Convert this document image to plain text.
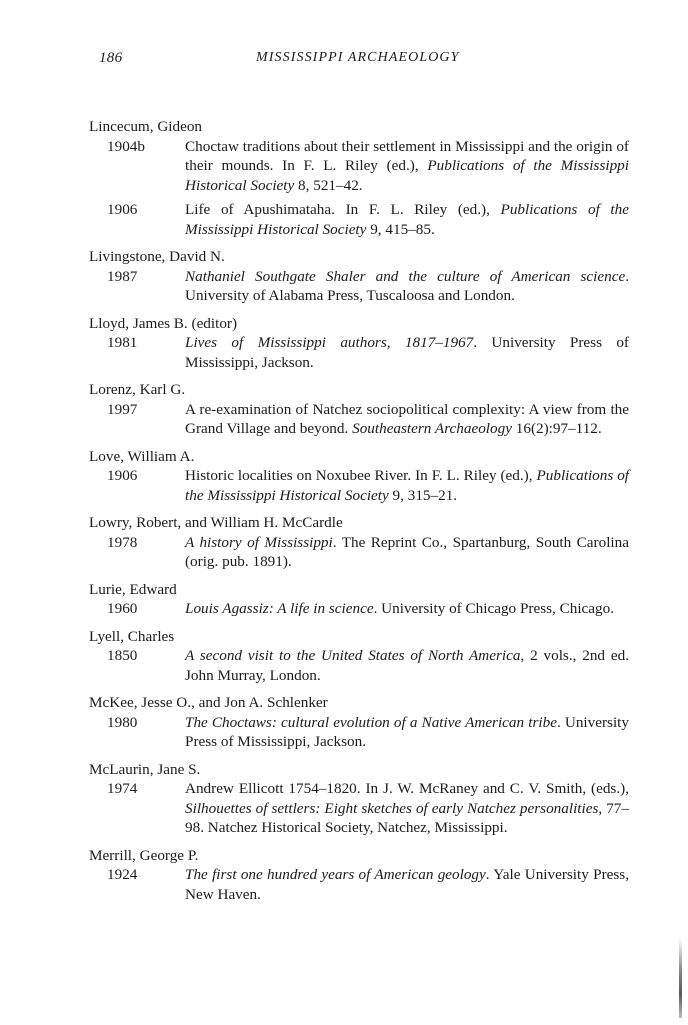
186	MISSISSIPPI ARCHAEOLOGY
Lincecum, Gideon
1904b	Choctaw traditions about their settlement in Mississippi and the origin of their mounds. In F. L. Riley (ed.), Publications of the Mississippi Historical Society 8, 521–42.
1906	Life of Apushimataha. In F. L. Riley (ed.), Publications of the Mississippi Historical Society 9, 415–85.
Livingstone, David N.
1987	Nathaniel Southgate Shaler and the culture of American science. University of Alabama Press, Tuscaloosa and London.
Lloyd, James B. (editor)
1981	Lives of Mississippi authors, 1817–1967. University Press of Mississippi, Jackson.
Lorenz, Karl G.
1997	A re-examination of Natchez sociopolitical complexity: A view from the Grand Village and beyond. Southeastern Archaeology 16(2):97–112.
Love, William A.
1906	Historic localities on Noxubee River. In F. L. Riley (ed.), Publications of the Mississippi Historical Society 9, 315–21.
Lowry, Robert, and William H. McCardle
1978	A history of Mississippi. The Reprint Co., Spartanburg, South Carolina (orig. pub. 1891).
Lurie, Edward
1960	Louis Agassiz: A life in science. University of Chicago Press, Chicago.
Lyell, Charles
1850	A second visit to the United States of North America, 2 vols., 2nd ed. John Murray, London.
McKee, Jesse O., and Jon A. Schlenker
1980	The Choctaws: cultural evolution of a Native American tribe. University Press of Mississippi, Jackson.
McLaurin, Jane S.
1974	Andrew Ellicott 1754–1820. In J. W. McRaney and C. V. Smith, (eds.), Silhouettes of settlers: Eight sketches of early Natchez personalities, 77–98. Natchez Historical Society, Natchez, Mississippi.
Merrill, George P.
1924	The first one hundred years of American geology. Yale University Press, New Haven.
